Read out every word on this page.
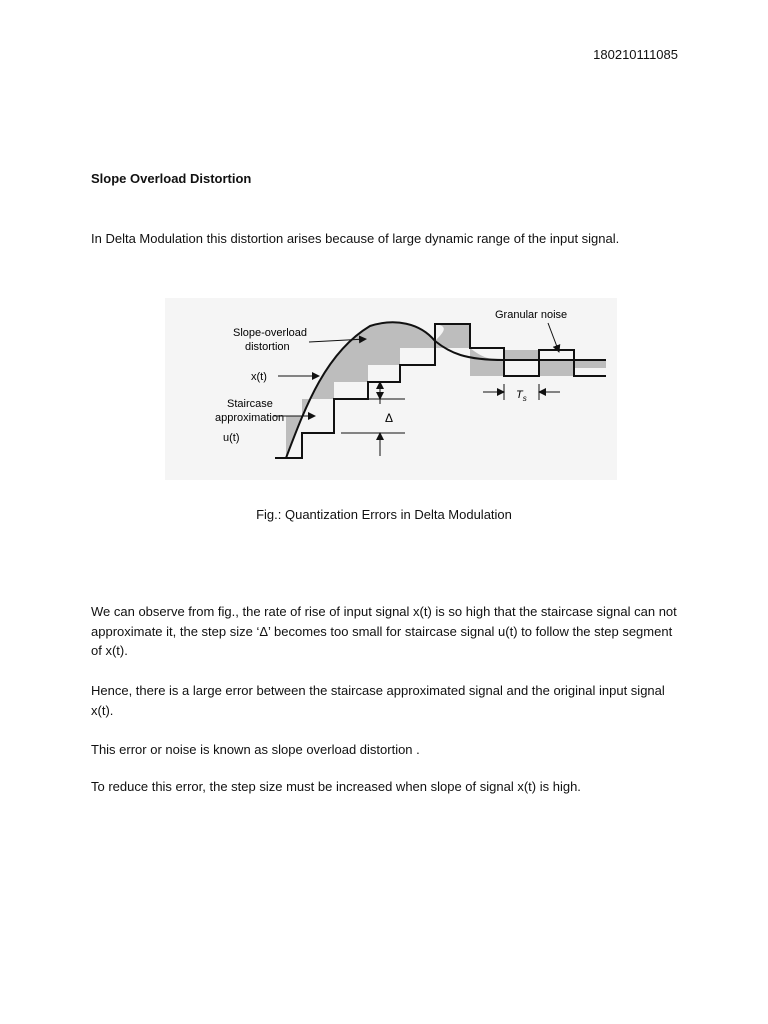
180210111085
Slope Overload Distortion

In Delta Modulation this distortion arises because of large dynamic range of the input signal.

Δ
$T_s$
Slope-overload
distortion
x(t)
Staircase
approximation
u(t)
Granular noise
Fig.: Quantization Errors in Delta Modulation

We can observe from fig., the rate of rise of input signal x(t) is so high that the staircase signal can not approximate it, the step size ‘Δ’ becomes too small for staircase signal u(t) to follow the step segment of x(t).

Hence, there is a large error between the staircase approximated signal and the original input signal x(t).

This error or noise is known as slope overload distortion .

To reduce this error, the step size must be increased when slope of signal x(t) is high.
